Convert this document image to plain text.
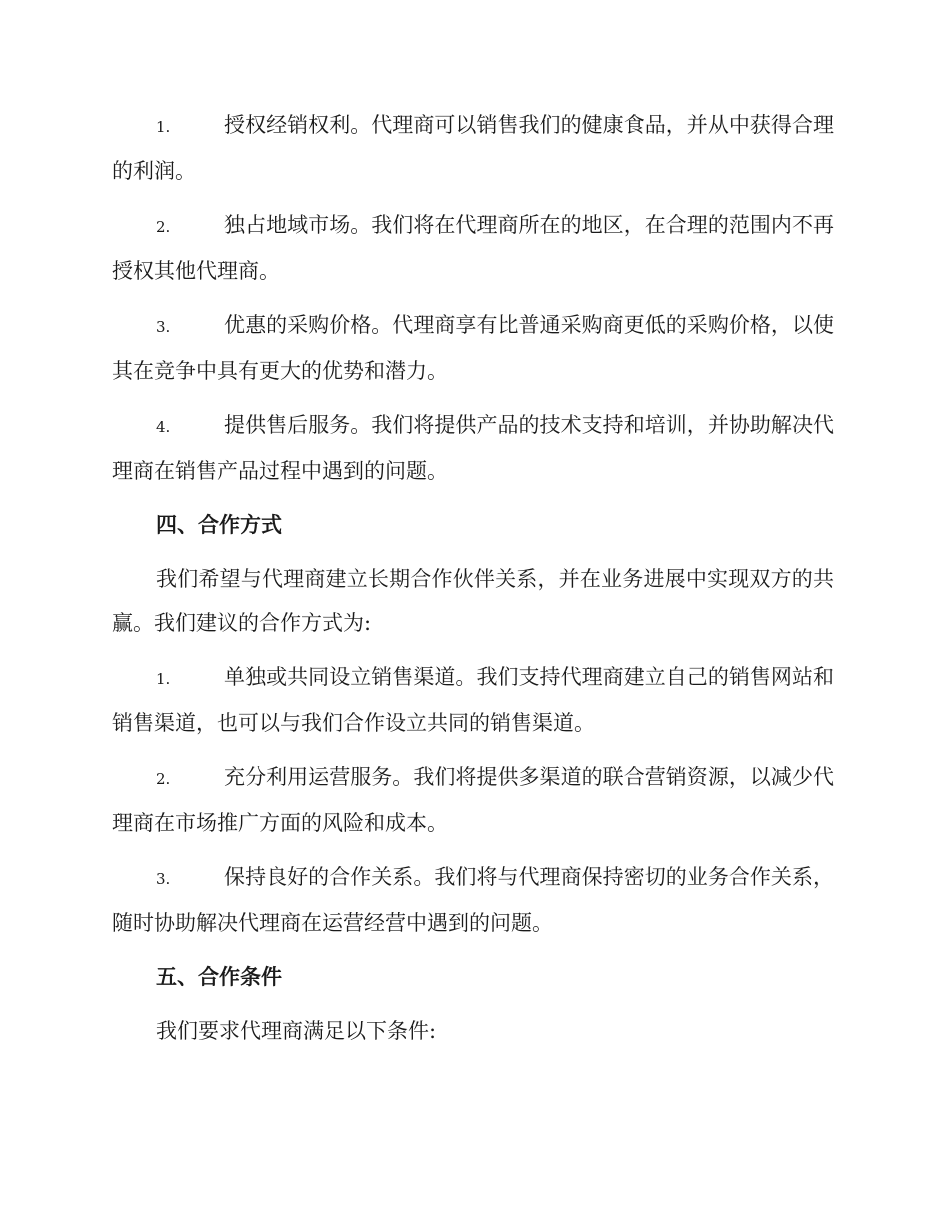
1.	授权经销权利。代理商可以销售我们的健康食品，并从中获得合理的利润。

2.	独占地域市场。我们将在代理商所在的地区，在合理的范围内不再授权其他代理商。

3.	优惠的采购价格。代理商享有比普通采购商更低的采购价格，以使其在竞争中具有更大的优势和潜力。

4.	提供售后服务。我们将提供产品的技术支持和培训，并协助解决代理商在销售产品过程中遇到的问题。

四、合作方式

我们希望与代理商建立长期合作伙伴关系，并在业务进展中实现双方的共赢。我们建议的合作方式为:

1.	单独或共同设立销售渠道。我们支持代理商建立自己的销售网站和销售渠道，也可以与我们合作设立共同的销售渠道。

2.	充分利用运营服务。我们将提供多渠道的联合营销资源，以减少代理商在市场推广方面的风险和成本。

3.	保持良好的合作关系。我们将与代理商保持密切的业务合作关系，随时协助解决代理商在运营经营中遇到的问题。

五、合作条件

我们要求代理商满足以下条件:
